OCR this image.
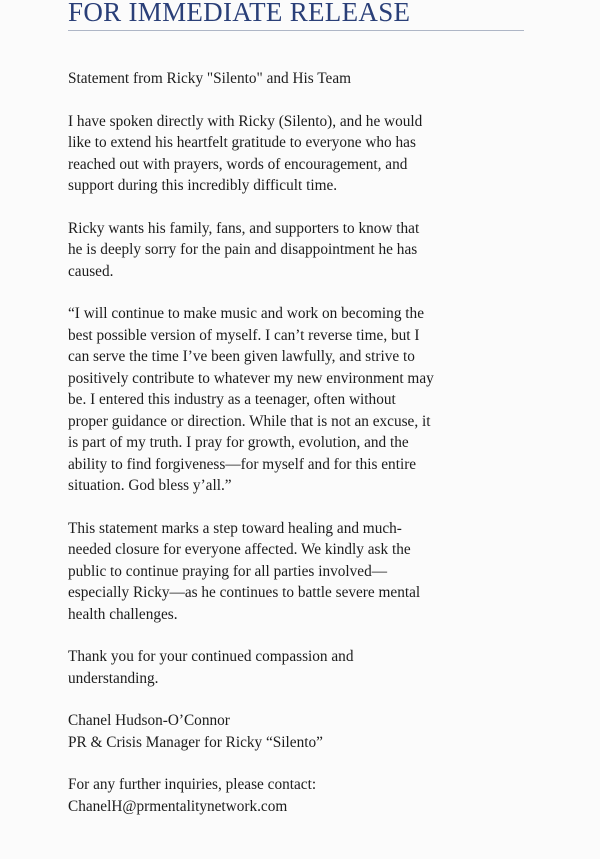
FOR IMMEDIATE RELEASE

Statement from Ricky "Silento" and His Team

I have spoken directly with Ricky (Silento), and he would
like to extend his heartfelt gratitude to everyone who has
reached out with prayers, words of encouragement, and
support during this incredibly difficult time.

Ricky wants his family, fans, and supporters to know that
he is deeply sorry for the pain and disappointment he has
caused.

“I will continue to make music and work on becoming the
best possible version of myself. I can’t reverse time, but I
can serve the time I’ve been given lawfully, and strive to
positively contribute to whatever my new environment may
be. I entered this industry as a teenager, often without
proper guidance or direction. While that is not an excuse, it
is part of my truth. I pray for growth, evolution, and the
ability to find forgiveness—for myself and for this entire
situation. God bless y’all.”

This statement marks a step toward healing and much-
needed closure for everyone affected. We kindly ask the
public to continue praying for all parties involved—
especially Ricky—as he continues to battle severe mental
health challenges.

Thank you for your continued compassion and
understanding.

Chanel Hudson-O’Connor
PR & Crisis Manager for Ricky “Silento”

For any further inquiries, please contact:
ChanelH@prmentalitynetwork.com
